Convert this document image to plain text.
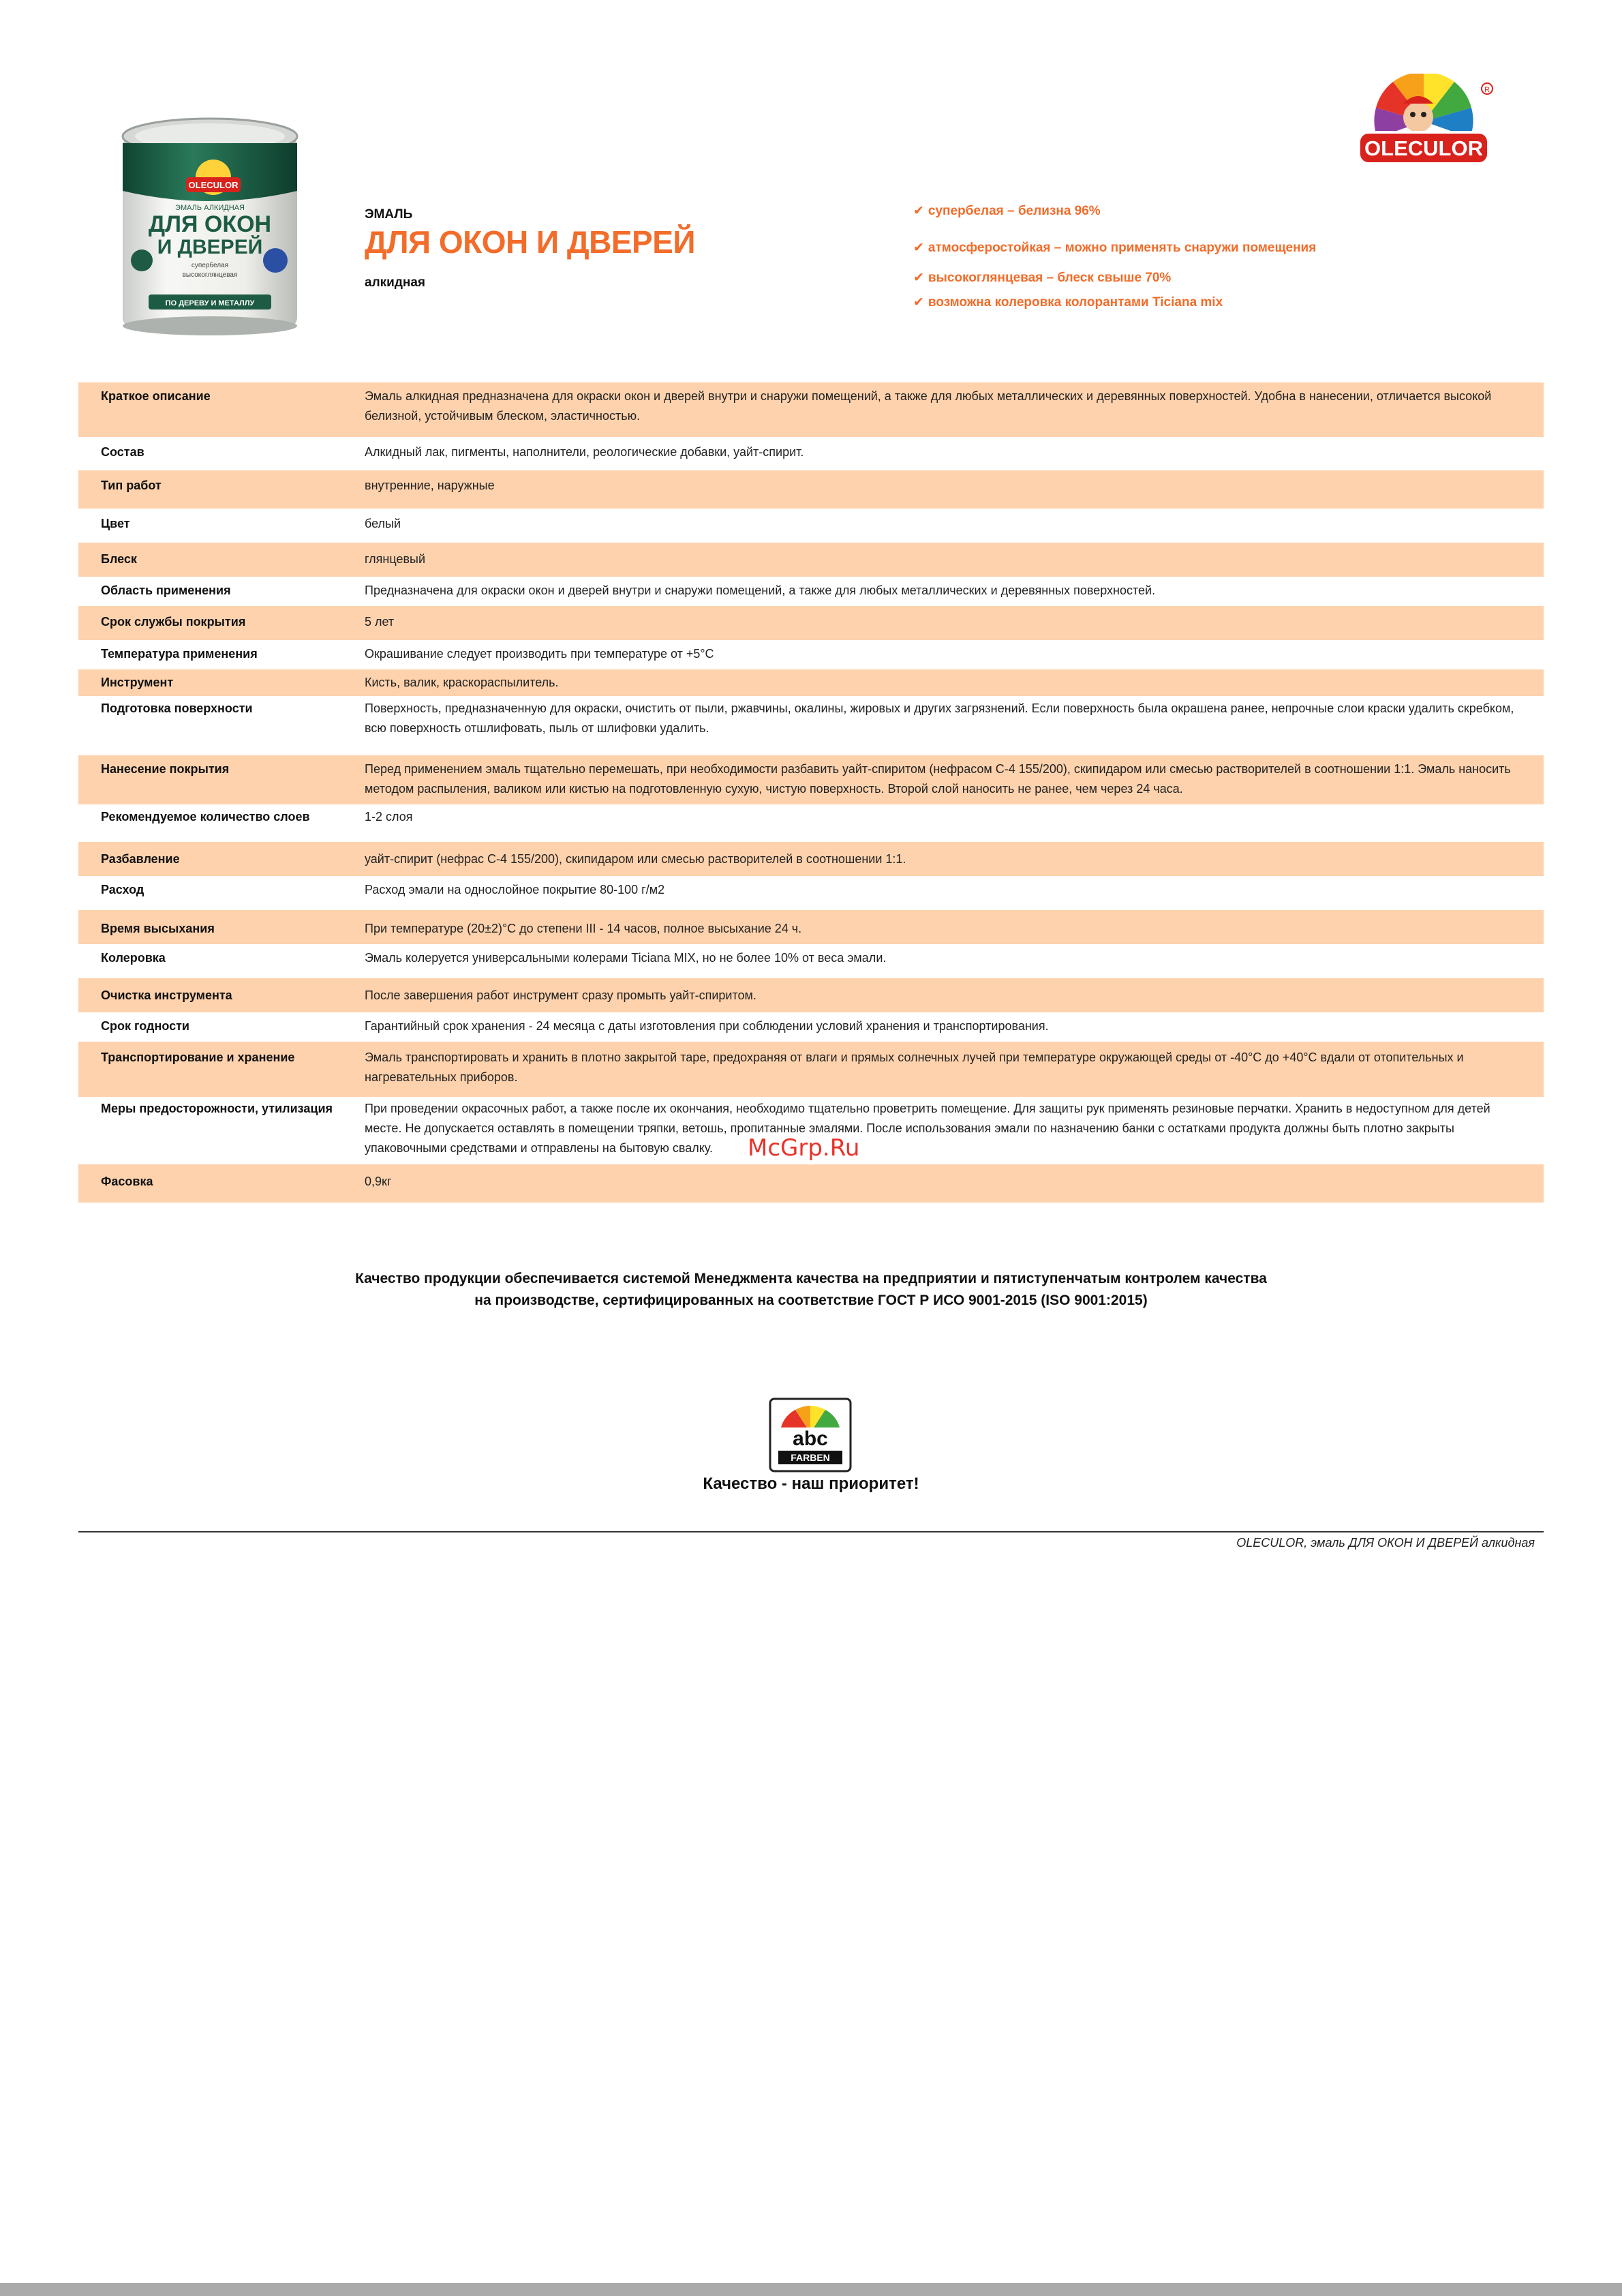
OLECULOR
ЭМАЛЬ АЛКИДНАЯ
ДЛЯ ОКОН
И ДВЕРЕЙ
супербелая
высокоглянцевая
ПО ДЕРЕВУ И МЕТАЛЛУ
OLECULOR
R
ЭМАЛЬ
ДЛЯ ОКОН И ДВЕРЕЙ
алкидная
✔ супербелая – белизна 96%
✔ атмосферостойкая – можно применять снаружи помещения
✔ высокоглянцевая – блеск свыше 70%
✔ возможна колеровка колорантами Ticiana mix
Краткое описание	Эмаль алкидная предназначена для окраски окон и дверей внутри и снаружи помещений, а также для любых металлических и деревянных поверхностей. Удобна в нанесении, отличается высокой белизной, устойчивым блеском, эластичностью.
Состав	Алкидный лак, пигменты, наполнители, реологические добавки, уайт-спирит.
Тип работ	внутренние, наружные
Цвет	белый
Блеск	глянцевый
Область применения	Предназначена для окраски окон и дверей внутри и снаружи помещений, а также для любых металлических и деревянных поверхностей.
Срок службы покрытия	5 лет
Температура применения	Окрашивание следует производить при температуре от +5°С
Инструмент	Кисть, валик, краскораспылитель.
Подготовка поверхности	Поверхность, предназначенную для окраски, очистить от пыли, ржавчины, окалины, жировых и других загрязнений. Если поверхность была окрашена ранее, непрочные слои краски удалить скребком, всю поверхность отшлифовать, пыль от шлифовки удалить.
Нанесение покрытия	Перед применением эмаль тщательно перемешать, при необходимости разбавить уайт-спиритом (нефрасом С-4 155/200), скипидаром или смесью растворителей в соотношении 1:1. Эмаль наносить методом распыления, валиком или кистью на подготовленную сухую, чистую поверхность. Второй слой наносить не ранее, чем через 24 часа.
Рекомендуемое количество слоев	1-2 слоя
Разбавление	уайт-спирит (нефрас С-4 155/200), скипидаром или смесью растворителей в соотношении 1:1.
Расход	Расход эмали на однослойное покрытие 80-100 г/м2
Время высыхания	При температуре (20±2)°С до степени III - 14 часов, полное высыхание 24 ч.
Колеровка	Эмаль колеруется универсальными колерами Ticiana MIX, но не более 10% от веса эмали.
Очистка инструмента	После завершения работ инструмент сразу промыть уайт-спиритом.
Срок годности	Гарантийный срок хранения - 24 месяца с даты изготовления при соблюдении условий хранения и транспортирования.
Транспортирование и хранение	Эмаль транспортировать и хранить в плотно закрытой таре, предохраняя от влаги и прямых солнечных лучей при температуре окружающей среды от -40°С до +40°С вдали от отопительных и нагревательных приборов.
Меры предосторожности, утилизация	При проведении окрасочных работ, а также после их окончания, необходимо тщательно проветрить помещение. Для защиты рук применять резиновые перчатки. Хранить в недоступном для детей месте. Не допускается оставлять в помещении тряпки, ветошь, пропитанные эмалями. После использования эмали по назначению банки с остатками продукта должны быть плотно закрыты упаковочными средствами и отправлены на бытовую свалку.
Фасовка	0,9кг
Качество продукции обеспечивается системой Менеджмента качества на предприятии и пятиступенчатым контролем качества
на производстве, сертифицированных на соответствие ГОСТ Р ИСО 9001-2015 (ISO 9001:2015)
abc
FARBEN
Качество - наш приоритет!
OLECULOR, эмаль ДЛЯ ОКОН И ДВЕРЕЙ алкидная
McGrp.Ru
